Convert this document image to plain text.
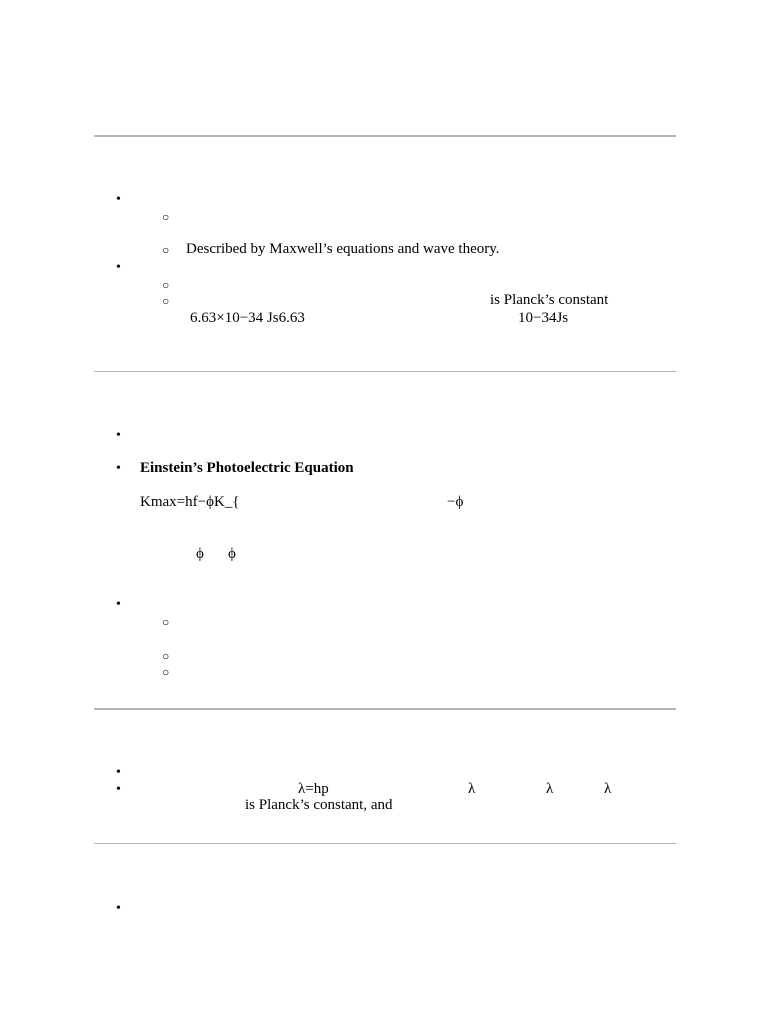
•
○
○ Described by Maxwell’s equations and wave theory.
•
○
○	is Planck’s constant
6.63×10−34 Js6.63	10−34Js
•
• Einstein’s Photoelectric Equation
Kmax=hf−ϕK_{	−ϕ
ϕ ϕ
•
○
○
○
•
•	λ=hp	λ	λ	λ
is Planck’s constant, and
•
